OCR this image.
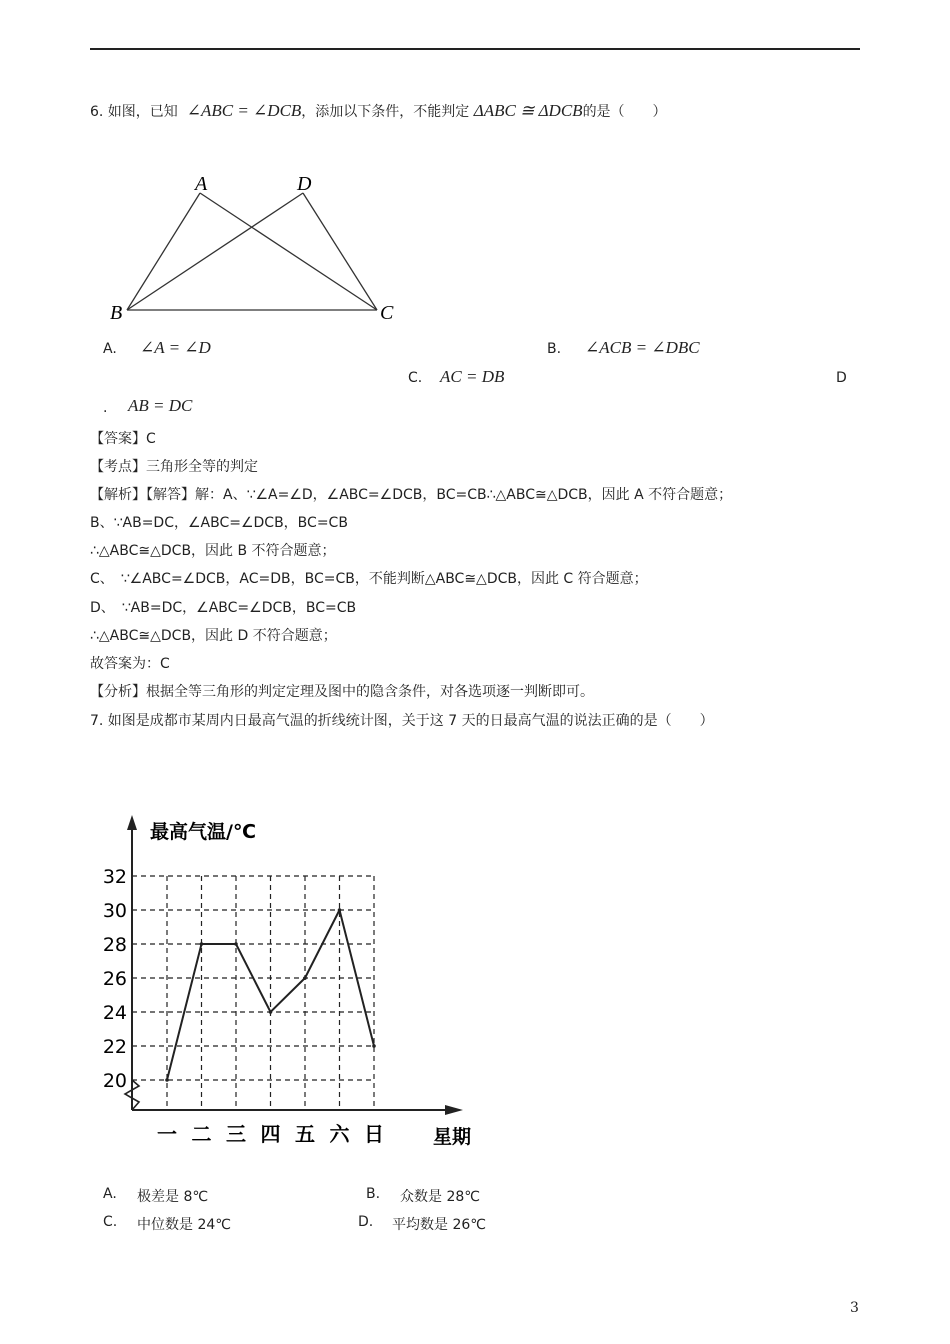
6. 如图，已知 ∠ABC = ∠DCB，添加以下条件，不能判定 ΔABC ≅ ΔDCB的是（　　）
A	D
B	C
A. ∠A = ∠D	B. ∠ACB = ∠DBC
C. AC = DB	D
. AB = DC
【答案】C
【考点】三角形全等的判定
【解析】【解答】解：A、∵∠A=∠D，∠ABC=∠DCB，BC=CB∴△ABC≅△DCB，因此 A 不符合题意；
B、∵AB=DC，∠ABC=∠DCB，BC=CB
∴△ABC≅△DCB，因此 B 不符合题意；
C、　∵∠ABC=∠DCB，AC=DB，BC=CB，不能判断△ABC≅△DCB，因此 C 符合题意；
D、　∵AB=DC，∠ABC=∠DCB，BC=CB
∴△ABC≅△DCB，因此 D 不符合题意；
故答案为：C
【分析】根据全等三角形的判定定理及图中的隐含条件，对各选项逐一判断即可。
7. 如图是成都市某周内日最高气温的折线统计图，关于这 7 天的日最高气温的说法正确的是（　　）
最高气温/℃
星期
20
22
24
26
28
30
32
一 二 三 四 五 六 日
A. 极差是 8℃	B. 众数是 28℃
C. 中位数是 24℃	D. 平均数是 26℃
3
